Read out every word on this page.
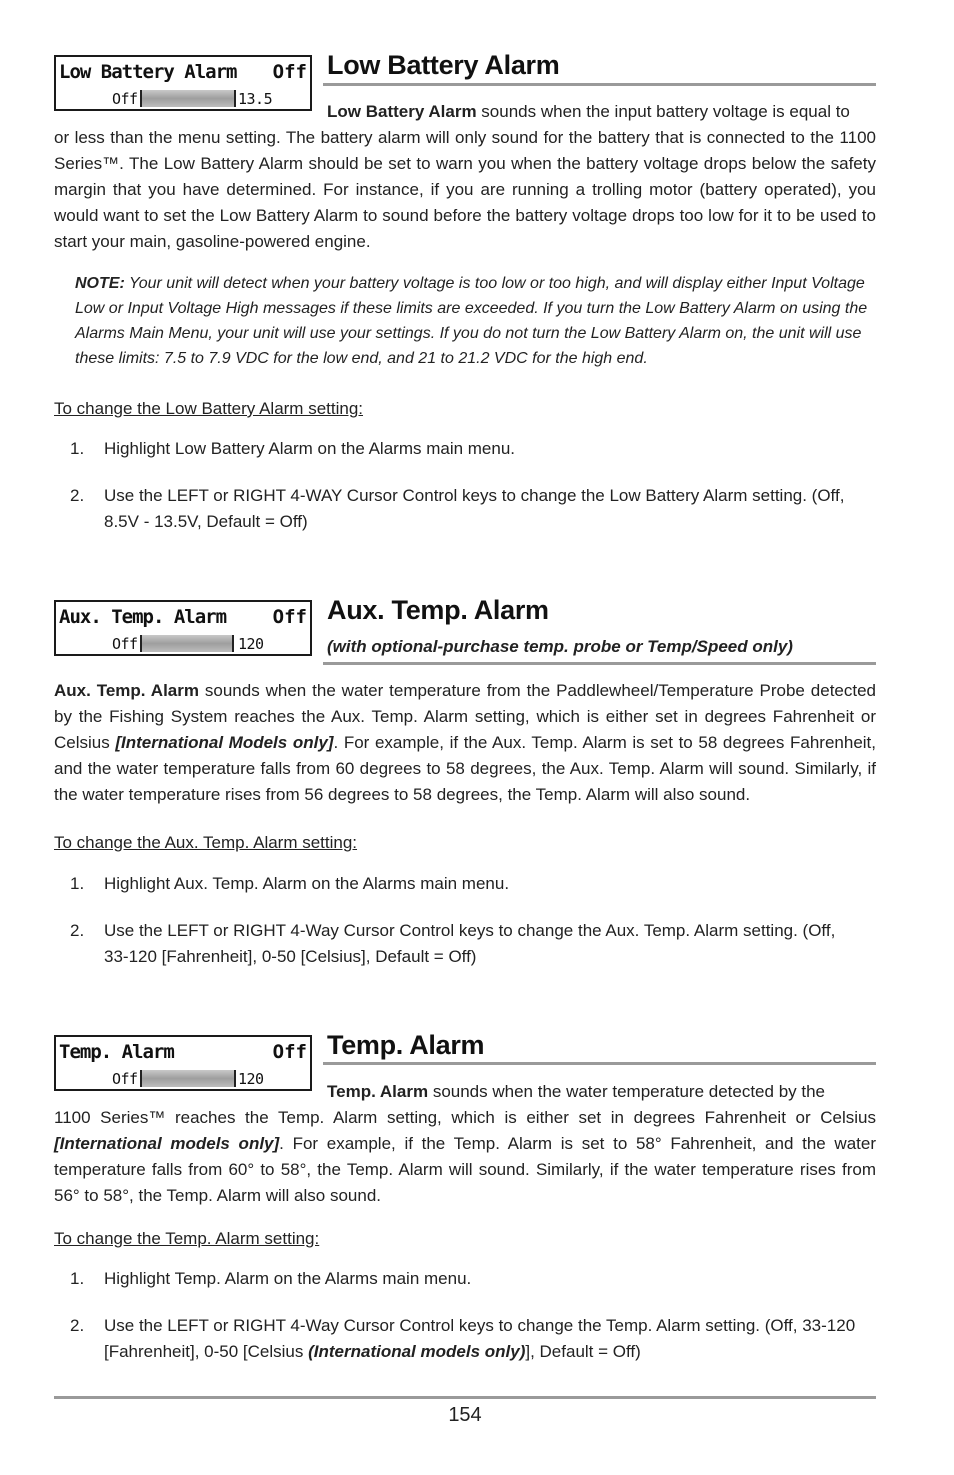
Low Battery Alarm Off
Off	13.5
Low Battery Alarm
Low Battery Alarm sounds when the input battery voltage is equal to

or less than the menu setting. The battery alarm will only sound for the battery that is connected to the 1100 Series™. The Low Battery Alarm should be set to warn you when the battery voltage drops below the safety margin that you have determined. For instance, if you are running a trolling motor (battery operated), you would want to set the Low Battery Alarm to sound before the battery voltage drops too low for it to be used to start your main, gasoline-powered engine.

NOTE: Your unit will detect when your battery voltage is too low or too high, and will display either Input Voltage Low or Input Voltage High messages if these limits are exceeded. If you turn the Low Battery Alarm on using the Alarms Main Menu, your unit will use your settings. If you do not turn the Low Battery Alarm on, the unit will use these limits: 7.5 to 7.9 VDC for the low end, and 21 to 21.2 VDC for the high end.

To change the Low Battery Alarm setting:

1. Highlight Low Battery Alarm on the Alarms main menu.
2. Use the LEFT or RIGHT 4-WAY Cursor Control keys to change the Low Battery Alarm setting. (Off, 8.5V - 13.5V, Default = Off)
Aux. Temp. Alarm Off
Off	120
Aux. Temp. Alarm
(with optional-purchase temp. probe or Temp/Speed only)

Aux. Temp. Alarm sounds when the water temperature from the Paddlewheel/Temperature Probe detected by the Fishing System reaches the Aux. Temp. Alarm setting, which is either set in degrees Fahrenheit or Celsius [International Models only]. For example, if the Aux. Temp. Alarm is set to 58 degrees Fahrenheit, and the water temperature falls from 60 degrees to 58 degrees, the Aux. Temp. Alarm will sound. Similarly, if the water temperature rises from 56 degrees to 58 degrees, the Temp. Alarm will also sound.

To change the Aux. Temp. Alarm setting:

1. Highlight Aux. Temp. Alarm on the Alarms main menu.
2. Use the LEFT or RIGHT 4-Way Cursor Control keys to change the Aux. Temp. Alarm setting. (Off, 33-120 [Fahrenheit], 0-50 [Celsius], Default = Off)
Temp. Alarm	Off
Off	120
Temp. Alarm
Temp. Alarm sounds when the water temperature detected by the

1100 Series™ reaches the Temp. Alarm setting, which is either set in degrees Fahrenheit or Celsius [International models only]. For example, if the Temp. Alarm is set to 58° Fahrenheit, and the water temperature falls from 60° to 58°, the Temp. Alarm will sound. Similarly, if the water temperature rises from 56° to 58°, the Temp. Alarm will also sound.

To change the Temp. Alarm setting:

1. Highlight Temp. Alarm on the Alarms main menu.
2. Use the LEFT or RIGHT 4-Way Cursor Control keys to change the Temp. Alarm setting. (Off, 33-120 [Fahrenheit], 0-50 [Celsius (International models only)], Default = Off)
154
